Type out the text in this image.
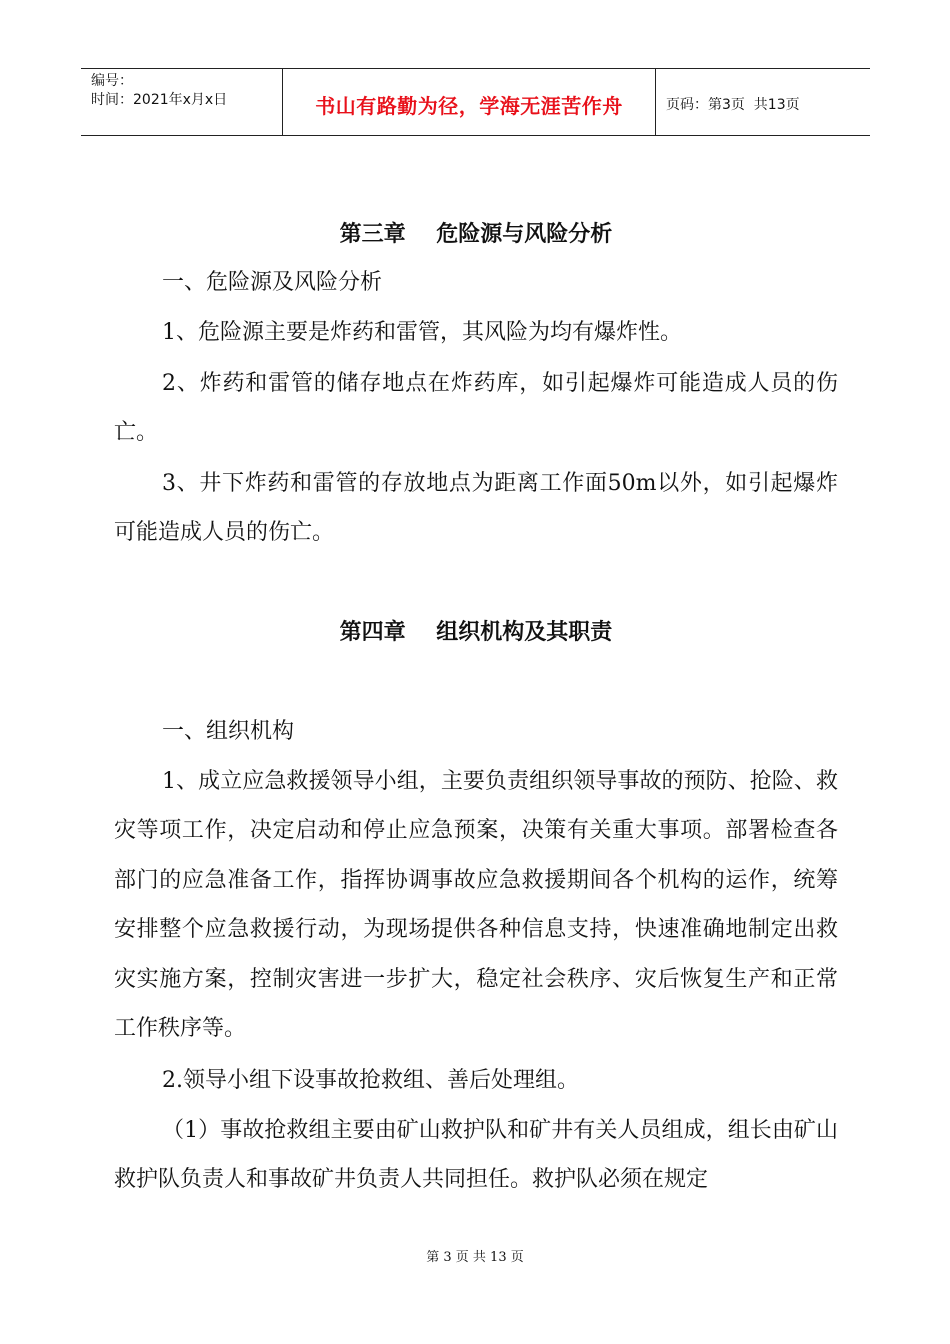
编号：
时间：2021年x月x日	书山有路勤为径，学海无涯苦作舟	页码：第3页  共13页
第三章    危险源与风险分析
一、危险源及风险分析
1、危险源主要是炸药和雷管，其风险为均有爆炸性。
2、炸药和雷管的储存地点在炸药库，如引起爆炸可能造成人员的伤亡。
3、井下炸药和雷管的存放地点为距离工作面50m以外，如引起爆炸可能造成人员的伤亡。
第四章    组织机构及其职责
一、组织机构
1、成立应急救援领导小组，主要负责组织领导事故的预防、抢险、救灾等项工作，决定启动和停止应急预案，决策有关重大事项。部署检查各部门的应急准备工作，指挥协调事故应急救援期间各个机构的运作，统筹安排整个应急救援行动，为现场提供各种信息支持，快速准确地制定出救灾实施方案，控制灾害进一步扩大，稳定社会秩序、灾后恢复生产和正常工作秩序等。
2.领导小组下设事故抢救组、善后处理组。
（1）事故抢救组主要由矿山救护队和矿井有关人员组成，组长由矿山救护队负责人和事故矿井负责人共同担任。救护队必须在规定
第 3 页 共 13 页
